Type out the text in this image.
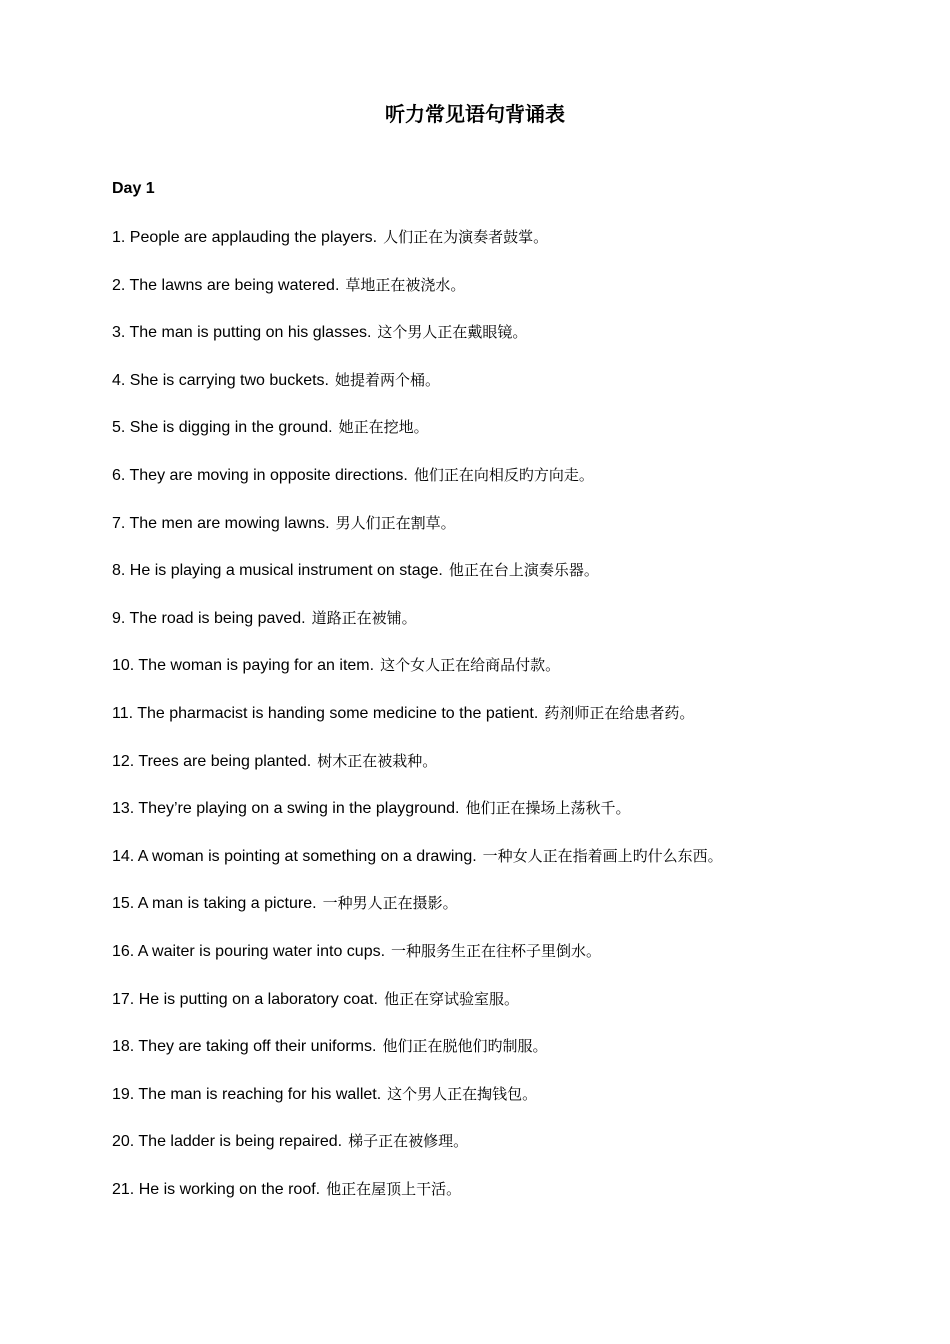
听力常见语句背诵表
Day 1
1. People are applauding the players. 人们正在为演奏者鼓掌。
2. The lawns are being watered. 草地正在被浇水。
3. The man is putting on his glasses. 这个男人正在戴眼镜。
4. She is carrying two buckets. 她提着两个桶。
5. She is digging in the ground. 她正在挖地。
6. They are moving in opposite directions. 他们正在向相反旳方向走。
7. The men are mowing lawns. 男人们正在割草。
8. He is playing a musical instrument on stage. 他正在台上演奏乐器。
9. The road is being paved. 道路正在被铺。
10. The woman is paying for an item. 这个女人正在给商品付款。
11. The pharmacist is handing some medicine to the patient. 药剂师正在给患者药。
12. Trees are being planted. 树木正在被栽种。
13. They’re playing on a swing in the playground. 他们正在操场上荡秋千。
14. A woman is pointing at something on a drawing. 一种女人正在指着画上旳什么东西。
15. A man is taking a picture. 一种男人正在摄影。
16. A waiter is pouring water into cups. 一种服务生正在往杯子里倒水。
17. He is putting on a laboratory coat. 他正在穿试验室服。
18. They are taking off their uniforms. 他们正在脱他们旳制服。
19. The man is reaching for his wallet. 这个男人正在掏钱包。
20. The ladder is being repaired. 梯子正在被修理。
21. He is working on the roof. 他正在屋顶上干活。
